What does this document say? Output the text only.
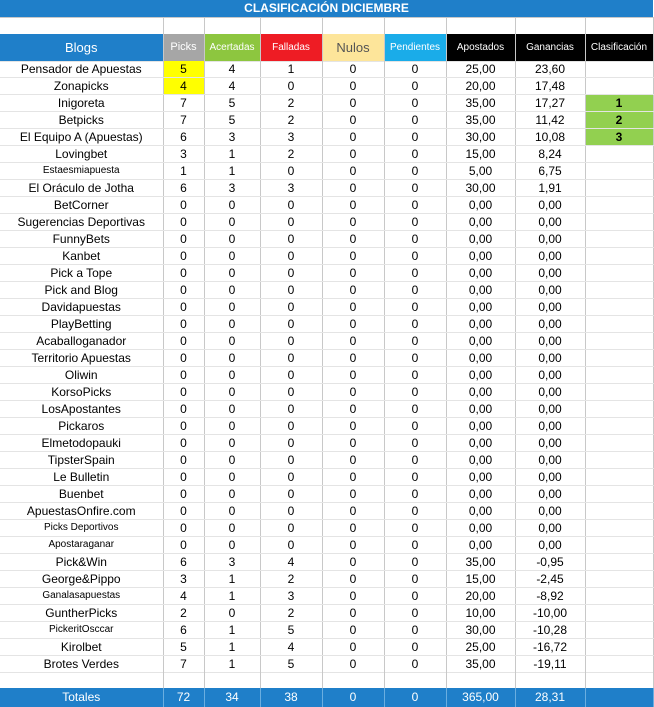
CLASIFICACIÓN DICIEMBRE
Blogs	Picks	Acertadas	Falladas	Nulos	Pendientes	Apostados	Ganancias	Clasificación
Pensador de Apuestas	5	4	1	0	0	25,00	23,60	
Zonapicks	4	4	0	0	0	20,00	17,48	
Inigoreta	7	5	2	0	0	35,00	17,27	1
Betpicks	7	5	2	0	0	35,00	11,42	2
El Equipo A (Apuestas)	6	3	3	0	0	30,00	10,08	3
Lovingbet	3	1	2	0	0	15,00	8,24	
Estaesmiapuesta	1	1	0	0	0	5,00	6,75	
El Oráculo de Jotha	6	3	3	0	0	30,00	1,91	
BetCorner	0	0	0	0	0	0,00	0,00	
Sugerencias Deportivas	0	0	0	0	0	0,00	0,00	
FunnyBets	0	0	0	0	0	0,00	0,00	
Kanbet	0	0	0	0	0	0,00	0,00	
Pick a Tope	0	0	0	0	0	0,00	0,00	
Pick and Blog	0	0	0	0	0	0,00	0,00	
Davidapuestas	0	0	0	0	0	0,00	0,00	
PlayBetting	0	0	0	0	0	0,00	0,00	
Acaballoganador	0	0	0	0	0	0,00	0,00	
Territorio Apuestas	0	0	0	0	0	0,00	0,00	
Oliwin	0	0	0	0	0	0,00	0,00	
KorsoPicks	0	0	0	0	0	0,00	0,00	
LosApostantes	0	0	0	0	0	0,00	0,00	
Pickaros	0	0	0	0	0	0,00	0,00	
Elmetodopauki	0	0	0	0	0	0,00	0,00	
TipsterSpain	0	0	0	0	0	0,00	0,00	
Le Bulletin	0	0	0	0	0	0,00	0,00	
Buenbet	0	0	0	0	0	0,00	0,00	
ApuestasOnfire.com	0	0	0	0	0	0,00	0,00	
Picks Deportivos	0	0	0	0	0	0,00	0,00	
Apostaraganar	0	0	0	0	0	0,00	0,00	
Pick&Win	6	3	4	0	0	35,00	-0,95	
George&Pippo	3	1	2	0	0	15,00	-2,45	
Ganalasapuestas	4	1	3	0	0	20,00	-8,92	
GuntherPicks	2	0	2	0	0	10,00	-10,00	
PickeritOsccar	6	1	5	0	0	30,00	-10,28	
Kirolbet	5	1	4	0	0	25,00	-16,72	
Brotes Verdes	7	1	5	0	0	35,00	-19,11	
Totales	72	34	38	0	0	365,00	28,31	
